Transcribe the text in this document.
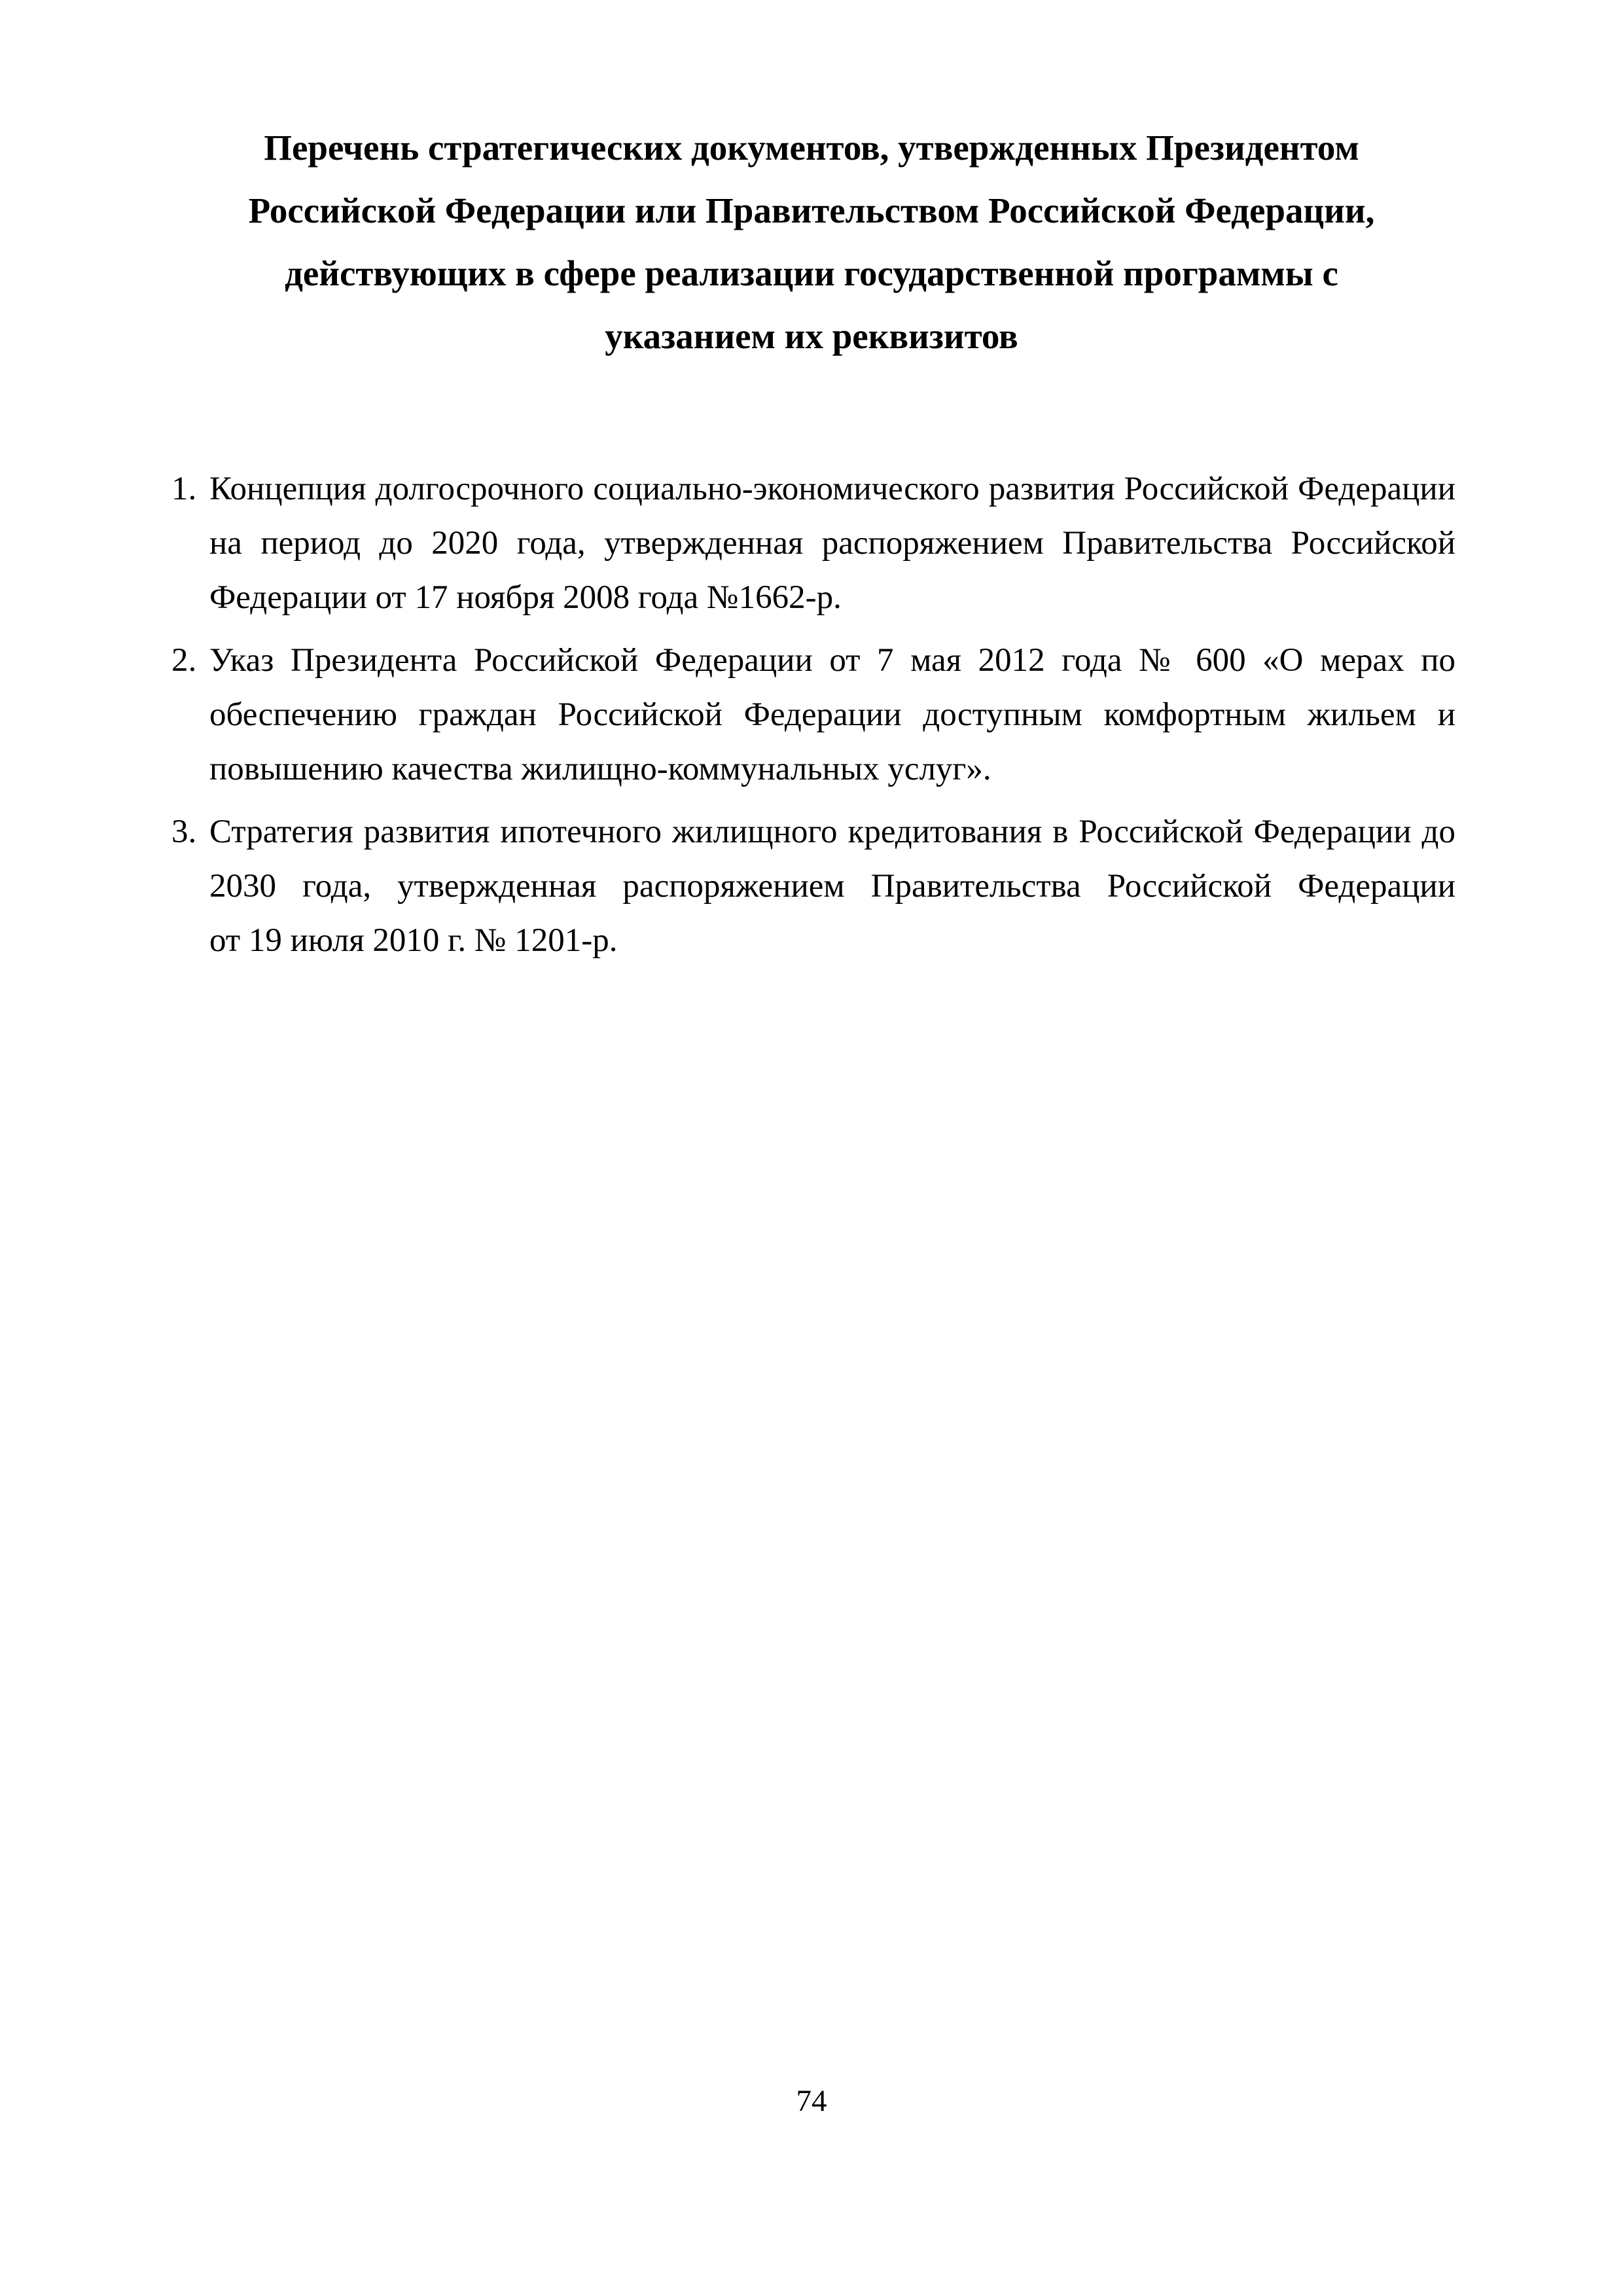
Перечень стратегических документов, утвержденных Президентом
Российской Федерации или Правительством Российской Федерации,
действующих в сфере реализации государственной программы с
указанием их реквизитов
1. Концепция долгосрочного социально-экономического развития Российской Федерации
на период до 2020 года, утвержденная распоряжением Правительства Российской
Федерации от 17 ноября 2008 года №1662-р.
2. Указ Президента Российской Федерации от 7 мая 2012 года № 600 «О мерах по
обеспечению граждан Российской Федерации доступным комфортным жильем и
повышению качества жилищно-коммунальных услуг».
3. Стратегия развития ипотечного жилищного кредитования в Российской Федерации до
2030 года, утвержденная распоряжением Правительства Российской Федерации
от 19 июля 2010 г. № 1201-р.

74
